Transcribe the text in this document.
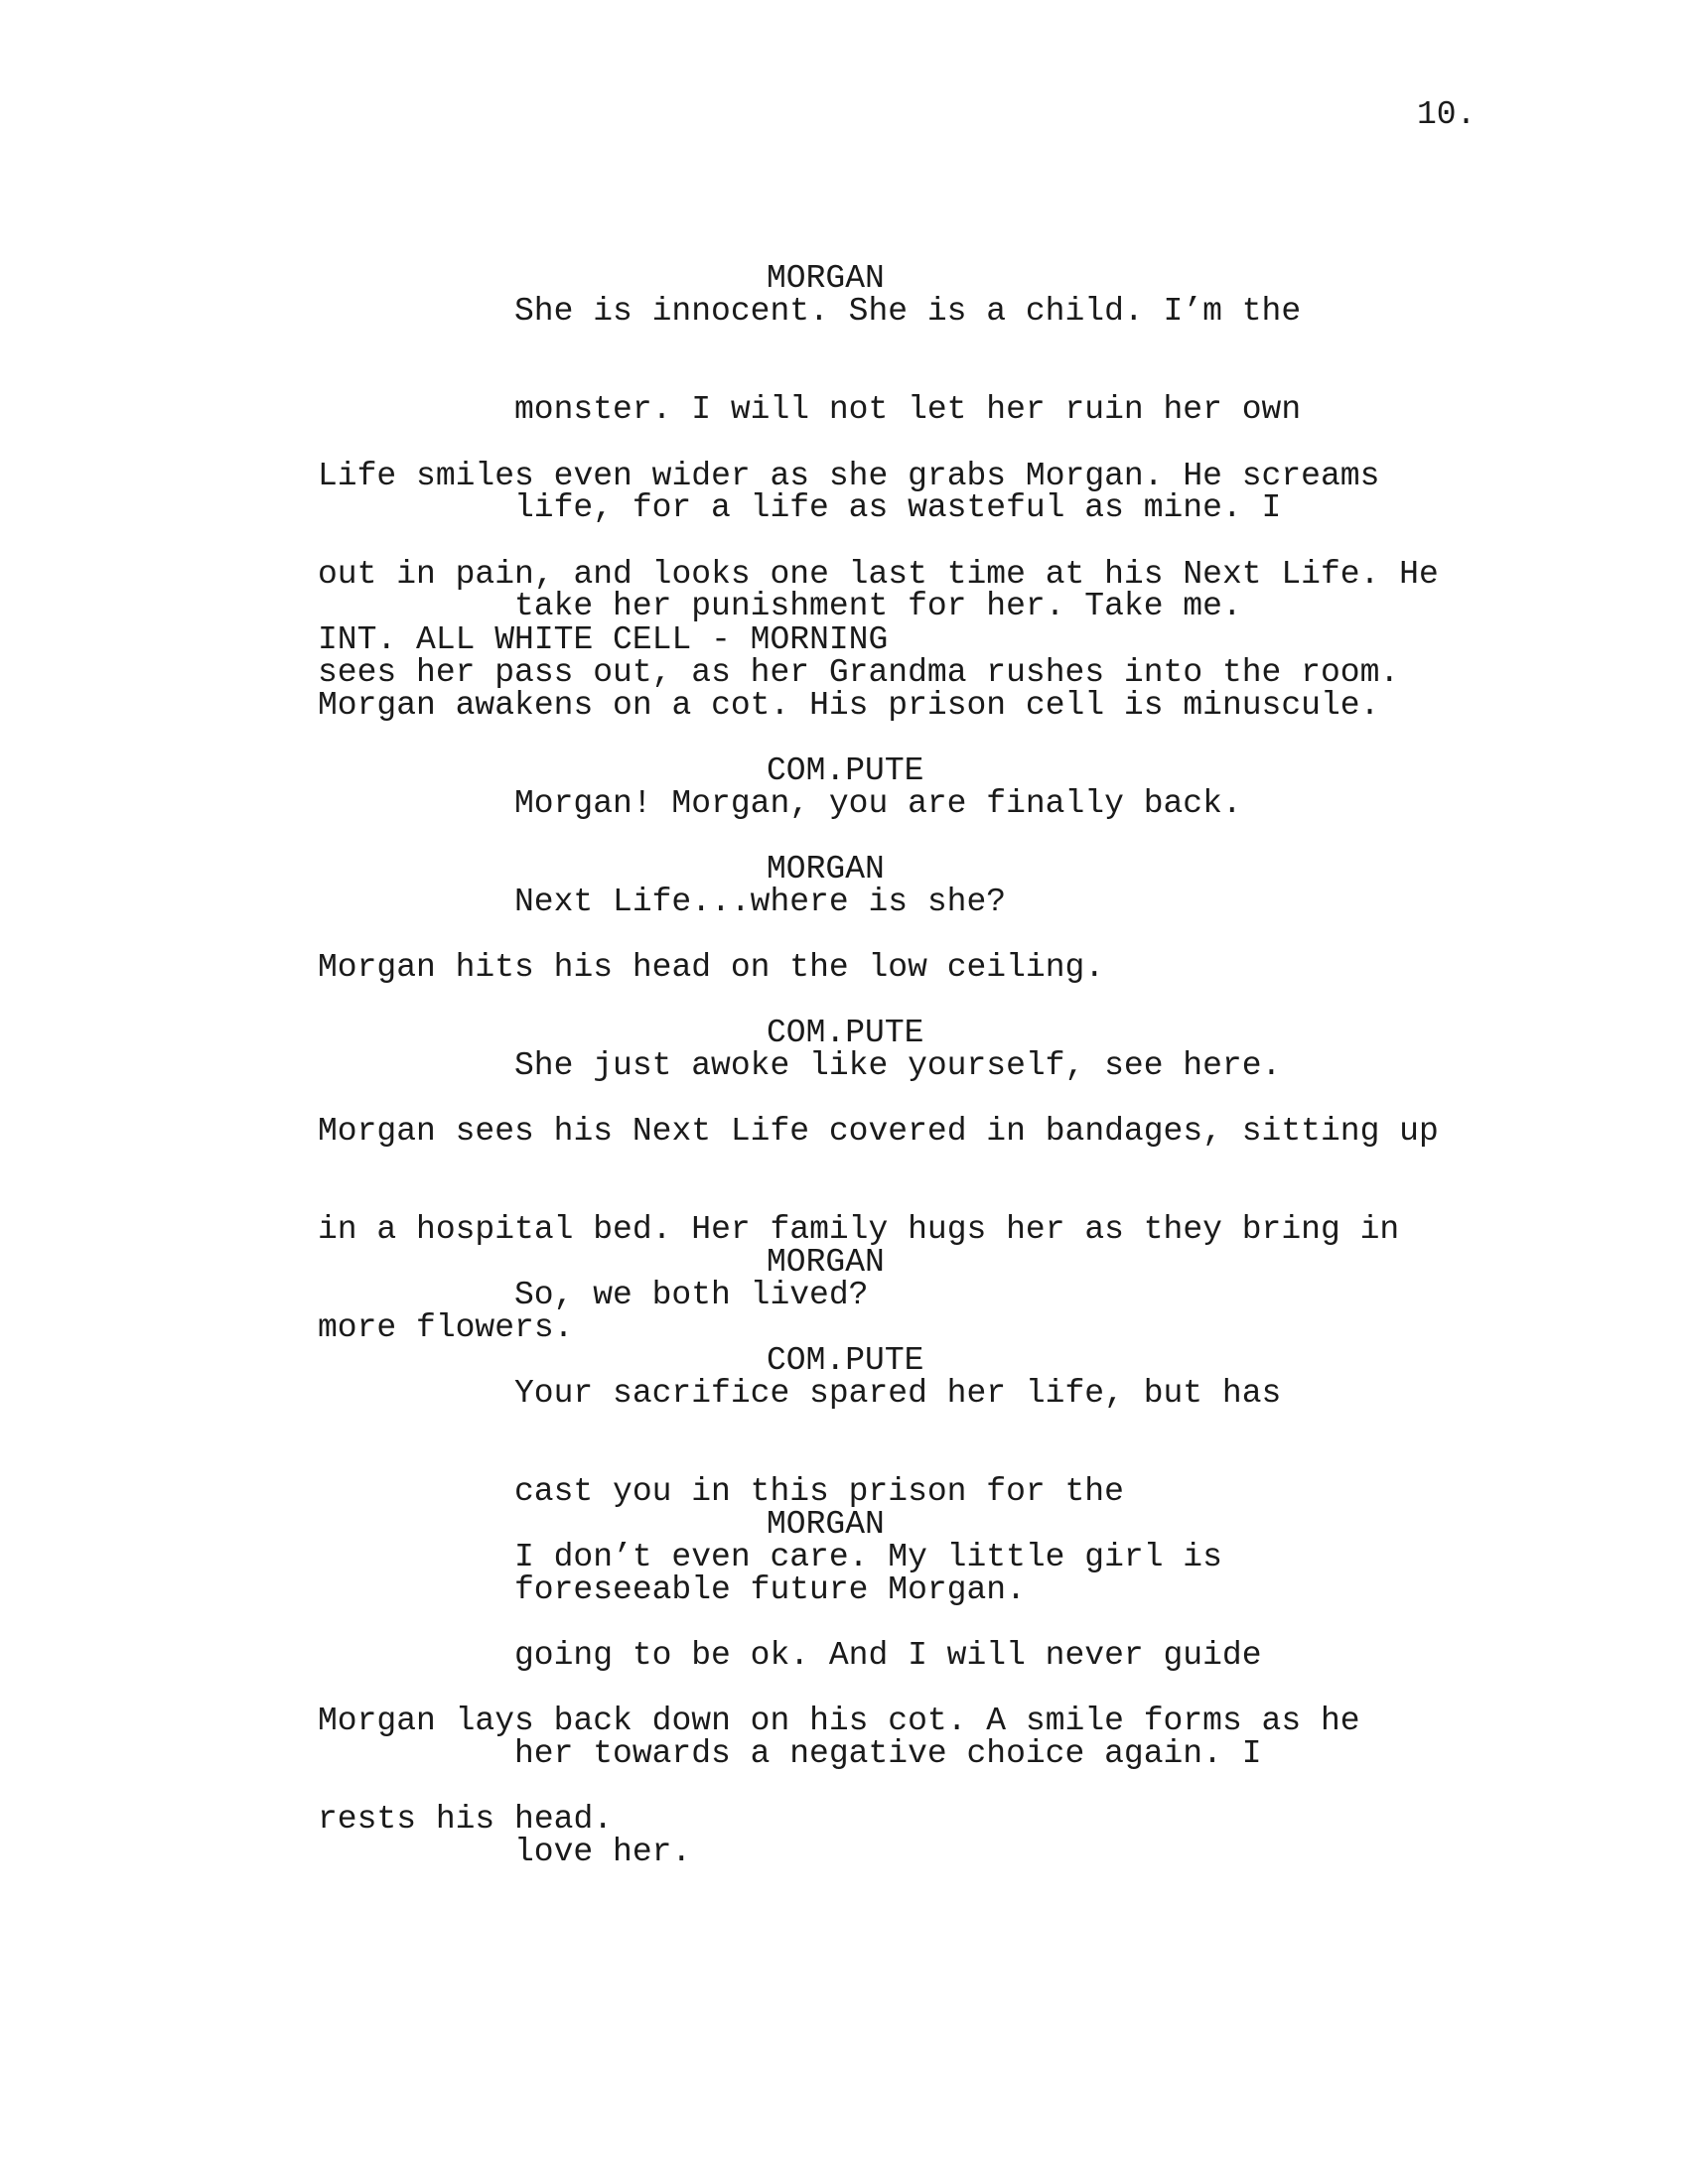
10.

MORGAN

She is innocent. She is a child. I’m the

monster. I will not let her ruin her own

life, for a life as wasteful as mine. I

take her punishment for her. Take me.

Life smiles even wider as she grabs Morgan. He screams

out in pain, and looks one last time at his Next Life. He

sees her pass out, as her Grandma rushes into the room.

INT. ALL WHITE CELL - MORNING

Morgan awakens on a cot. His prison cell is minuscule.

COM.PUTE

Morgan! Morgan, you are finally back.

MORGAN

Next Life...where is she?

Morgan hits his head on the low ceiling.

COM.PUTE

She just awoke like yourself, see here.

Morgan sees his Next Life covered in bandages, sitting up

in a hospital bed. Her family hugs her as they bring in

more flowers.

MORGAN

So, we both lived?

COM.PUTE

Your sacrifice spared her life, but has

cast you in this prison for the

foreseeable future Morgan.

MORGAN

I don’t even care. My little girl is

going to be ok. And I will never guide

her towards a negative choice again. I

love her.

Morgan lays back down on his cot. A smile forms as he

rests his head.
